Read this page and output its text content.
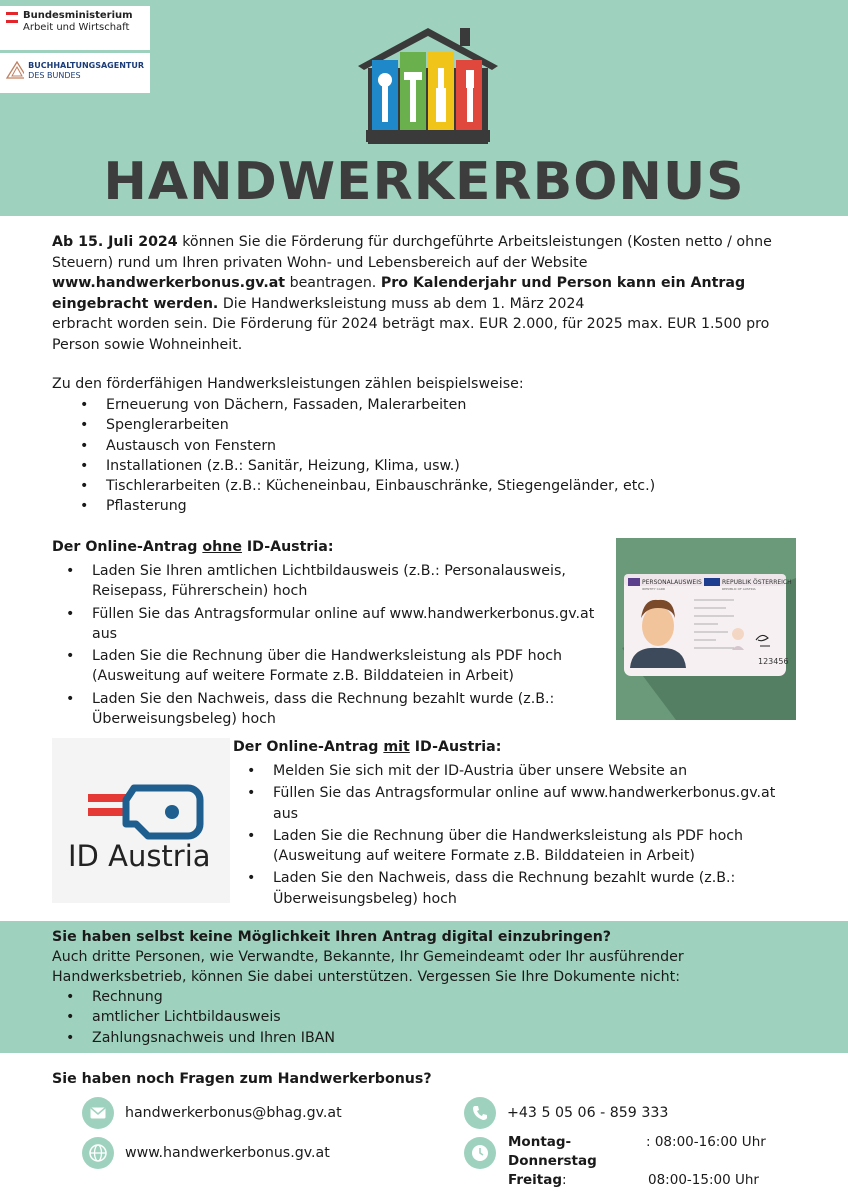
Bundesministerium
Arbeit und Wirtschaft
BUCHHALTUNGSAGENTUR
DES BUNDES
HANDWERKERBONUS
Ab 15. Juli 2024 können Sie die Förderung für durchgeführte Arbeitsleistungen (Kosten netto / ohne Steuern) rund um Ihren privaten Wohn- und Lebensbereich auf der Website www.handwerkerbonus.gv.at beantragen. Pro Kalenderjahr und Person kann ein Antrag eingebracht werden. Die Handwerksleistung muss ab dem 1. März 2024
erbracht worden sein. Die Förderung für 2024 beträgt max. EUR 2.000, für 2025 max. EUR 1.500 pro Person sowie Wohneinheit.
Zu den förderfähigen Handwerksleistungen zählen beispielsweise:
• Erneuerung von Dächern, Fassaden, Malerarbeiten
• Spenglerarbeiten
• Austausch von Fenstern
• Installationen (z.B.: Sanitär, Heizung, Klima, usw.)
• Tischlerarbeiten (z.B.: Kücheneinbau, Einbauschränke, Stiegengeländer, etc.)
• Pflasterung
Der Online-Antrag ohne ID-Austria:
• Laden Sie Ihren amtlichen Lichtbildausweis (z.B.: Personalausweis, Reisepass, Führerschein) hoch
• Füllen Sie das Antragsformular online auf www.handwerkerbonus.gv.at aus
• Laden Sie die Rechnung über die Handwerksleistung als PDF hoch (Ausweitung auf weitere Formate z.B. Bilddateien in Arbeit)
• Laden Sie den Nachweis, dass die Rechnung bezahlt wurde (z.B.: Überweisungsbeleg) hoch
PERSONALAUSWEIS
IDENTITY CARD
REPUBLIK ÖSTERREICH
REPUBLIC OF AUSTRIA
123456
ID Austria
Der Online-Antrag mit ID-Austria:
• Melden Sie sich mit der ID-Austria über unsere Website an
• Füllen Sie das Antragsformular online auf www.handwerkerbonus.gv.at aus
• Laden Sie die Rechnung über die Handwerksleistung als PDF hoch (Ausweitung auf weitere Formate z.B. Bilddateien in Arbeit)
• Laden Sie den Nachweis, dass die Rechnung bezahlt wurde (z.B.: Überweisungsbeleg) hoch
Sie haben selbst keine Möglichkeit Ihren Antrag digital einzubringen?
Auch dritte Personen, wie Verwandte, Bekannte, Ihr Gemeindeamt oder Ihr ausführender Handwerksbetrieb, können Sie dabei unterstützen. Vergessen Sie Ihre Dokumente nicht:
• Rechnung
• amtlicher Lichtbildausweis
• Zahlungsnachweis und Ihren IBAN
Sie haben noch Fragen zum Handwerkerbonus?
handwerkerbonus@bhag.gv.at
www.handwerkerbonus.gv.at
+43 5 05 06 - 859 333
Montag-Donnerstag
: 08:00-16:00 Uhr
Freitag:	08:00-15:00 Uhr
